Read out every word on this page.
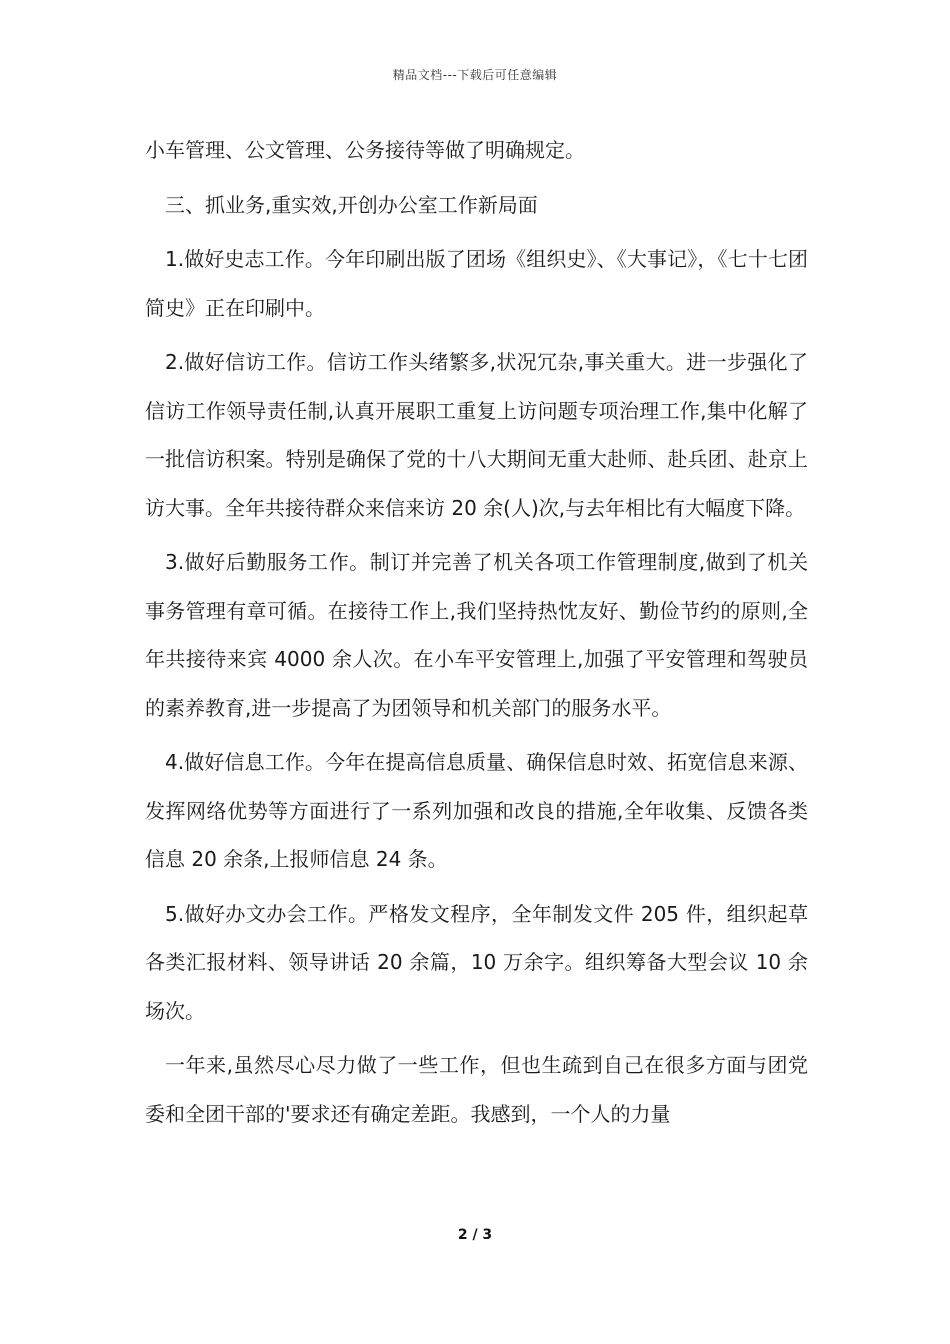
精品文档---下载后可任意编辑

小车管理、公文管理、公务接待等做了明确规定。

三、抓业务,重实效,开创办公室工作新局面

1.做好史志工作。今年印刷出版了团场《组织史》、《大事记》，《七十七团简史》正在印刷中。

2.做好信访工作。信访工作头绪繁多,状况冗杂,事关重大。进一步强化了信访工作领导责任制,认真开展职工重复上访问题专项治理工作,集中化解了一批信访积案。特别是确保了党的十八大期间无重大赴师、赴兵团、赴京上访大事。全年共接待群众来信来访 20 余(人)次,与去年相比有大幅度下降。

3.做好后勤服务工作。制订并完善了机关各项工作管理制度,做到了机关事务管理有章可循。在接待工作上,我们坚持热忱友好、勤俭节约的原则,全年共接待来宾 4000 余人次。在小车平安管理上,加强了平安管理和驾驶员的素养教育,进一步提高了为团领导和机关部门的服务水平。

4.做好信息工作。今年在提高信息质量、确保信息时效、拓宽信息来源、发挥网络优势等方面进行了一系列加强和改良的措施,全年收集、反馈各类信息 20 余条,上报师信息 24 条。

5.做好办文办会工作。严格发文程序，全年制发文件 205 件，组织起草各类汇报材料、领导讲话 20 余篇，10 万余字。组织筹备大型会议 10 余场次。

一年来,虽然尽心尽力做了一些工作，但也生疏到自己在很多方面与团党委和全团干部的'要求还有确定差距。我感到，一个人的力量

2 / 3
